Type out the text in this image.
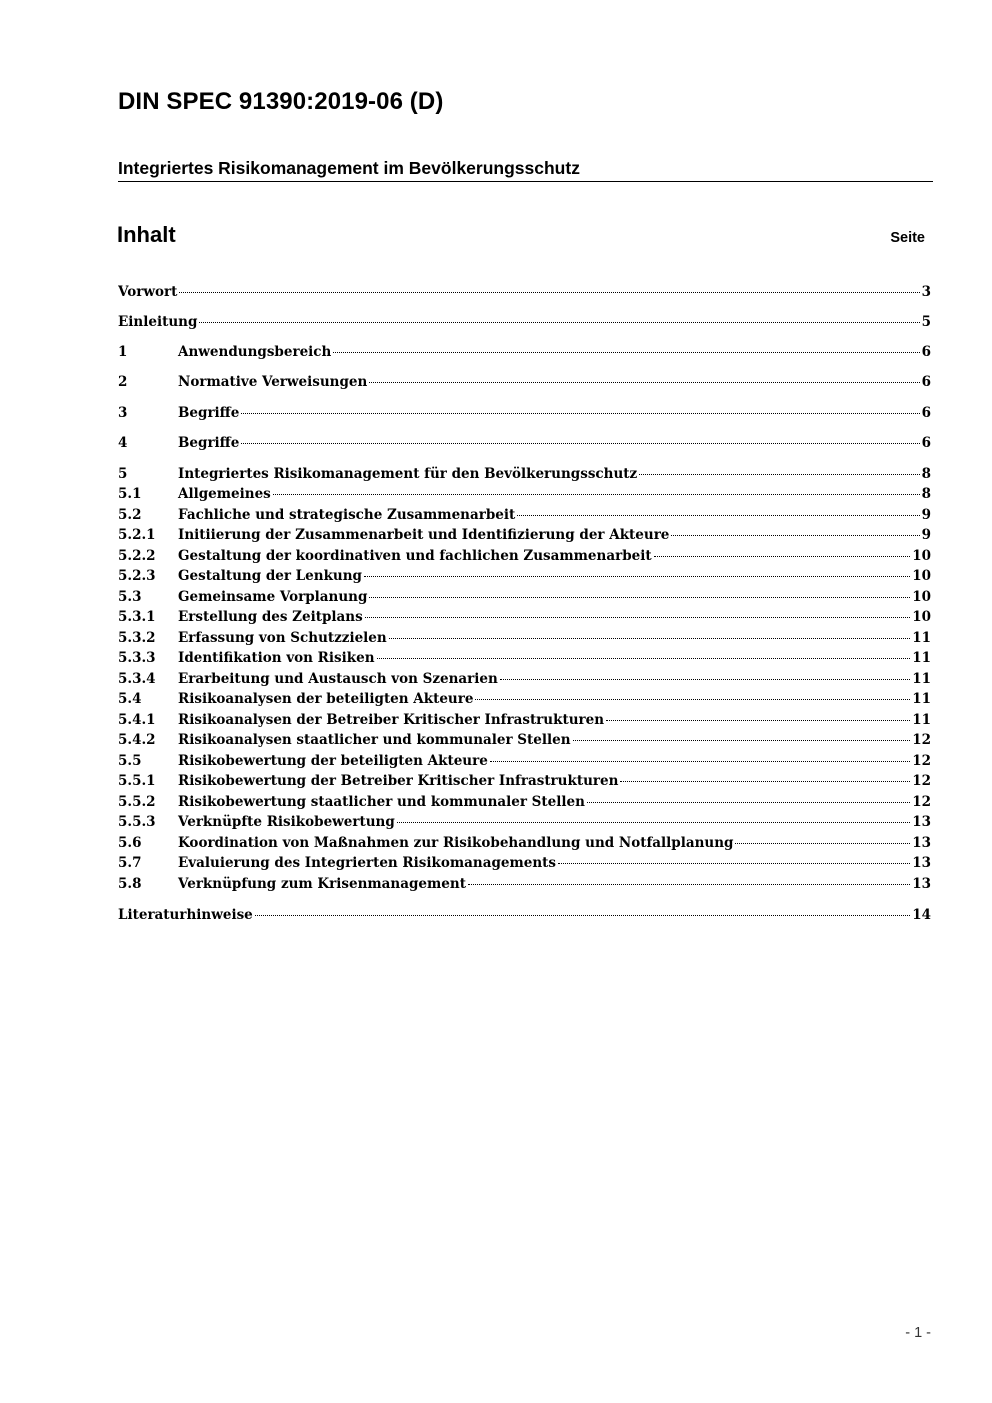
DIN SPEC 91390:2019-06 (D)
Integriertes Risikomanagement im Bevölkerungsschutz
Inhalt	Seite
Vorwort	3
Einleitung	5
1	Anwendungsbereich	6
2	Normative Verweisungen	6
3	Begriffe	6
4	Begriffe	6
5	Integriertes Risikomanagement für den Bevölkerungsschutz	8
5.1	Allgemeines	8
5.2	Fachliche und strategische Zusammenarbeit	9
5.2.1	Initiierung der Zusammenarbeit und Identifizierung der Akteure	9
5.2.2	Gestaltung der koordinativen und fachlichen Zusammenarbeit	10
5.2.3	Gestaltung der Lenkung	10
5.3	Gemeinsame Vorplanung	10
5.3.1	Erstellung des Zeitplans	10
5.3.2	Erfassung von Schutzzielen	11
5.3.3	Identifikation von Risiken	11
5.3.4	Erarbeitung und Austausch von Szenarien	11
5.4	Risikoanalysen der beteiligten Akteure	11
5.4.1	Risikoanalysen der Betreiber Kritischer Infrastrukturen	11
5.4.2	Risikoanalysen staatlicher und kommunaler Stellen	12
5.5	Risikobewertung der beteiligten Akteure	12
5.5.1	Risikobewertung der Betreiber Kritischer Infrastrukturen	12
5.5.2	Risikobewertung staatlicher und kommunaler Stellen	12
5.5.3	Verknüpfte Risikobewertung	13
5.6	Koordination von Maßnahmen zur Risikobehandlung und Notfallplanung	13
5.7	Evaluierung des Integrierten Risikomanagements	13
5.8	Verknüpfung zum Krisenmanagement	13
Literaturhinweise	14
- 1 -
